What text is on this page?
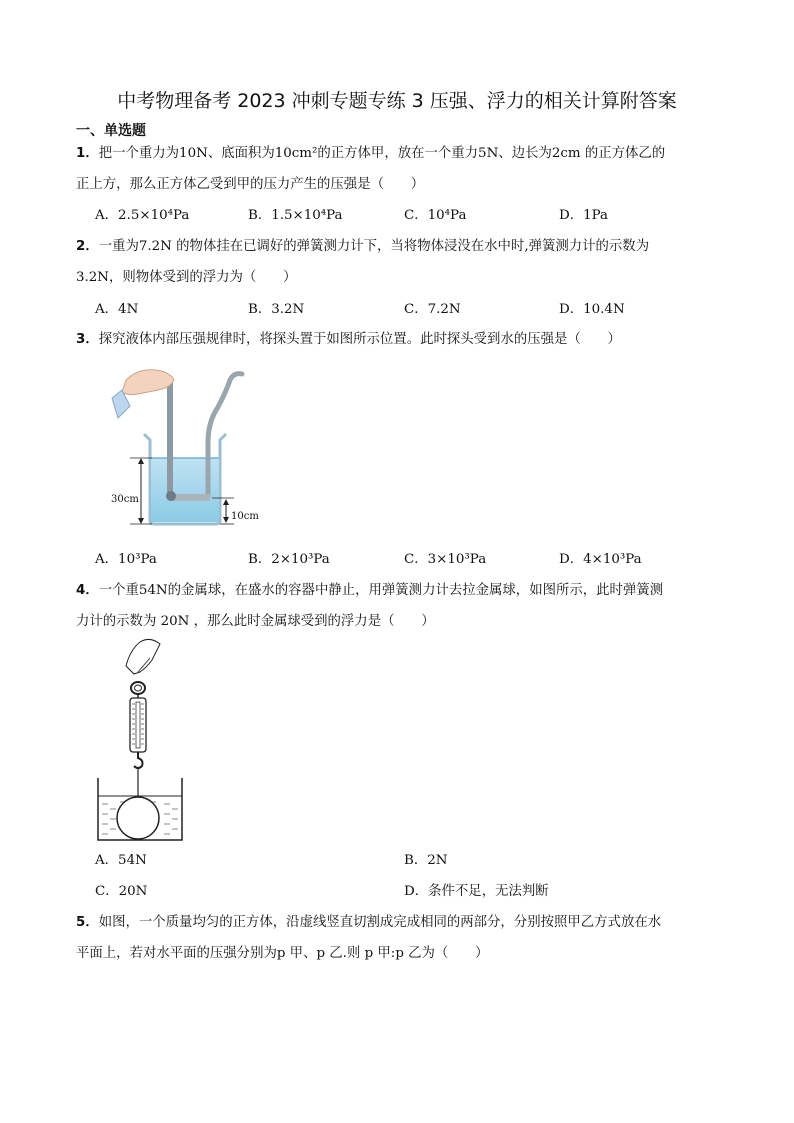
中考物理备考 2023 冲刺专题专练 3 压强、浮力的相关计算附答案
一、单选题
1．把一个重力为10N、底面积为10cm²的正方体甲，放在一个重力5N、边长为2cm 的正方体乙的
正上方，那么正方体乙受到甲的压力产生的压强是（　　）
A．2.5×10⁴Pa	B．1.5×10⁴Pa	C．10⁴Pa	D．1Pa
2．一重为7.2N 的物体挂在已调好的弹簧测力计下，当将物体浸没在水中时,弹簧测力计的示数为
3.2N，则物体受到的浮力为（　　）
A．4N	B．3.2N	C．7.2N	D．10.4N
3．探究液体内部压强规律时，将探头置于如图所示位置。此时探头受到水的压强是（　　）
30cm
10cm
A．10³Pa	B．2×10³Pa	C．3×10³Pa	D．4×10³Pa
4．一个重54N的金属球，在盛水的容器中静止，用弹簧测力计去拉金属球，如图所示，此时弹簧测
力计的示数为 20N ，那么此时金属球受到的浮力是（　　）
A．54N	B．2N
C．20N	D．条件不足，无法判断
5．如图，一个质量均匀的正方体，沿虚线竖直切割成完成相同的两部分，分别按照甲乙方式放在水
平面上，若对水平面的压强分别为p 甲、p 乙.则 p 甲:p 乙为（　　）
